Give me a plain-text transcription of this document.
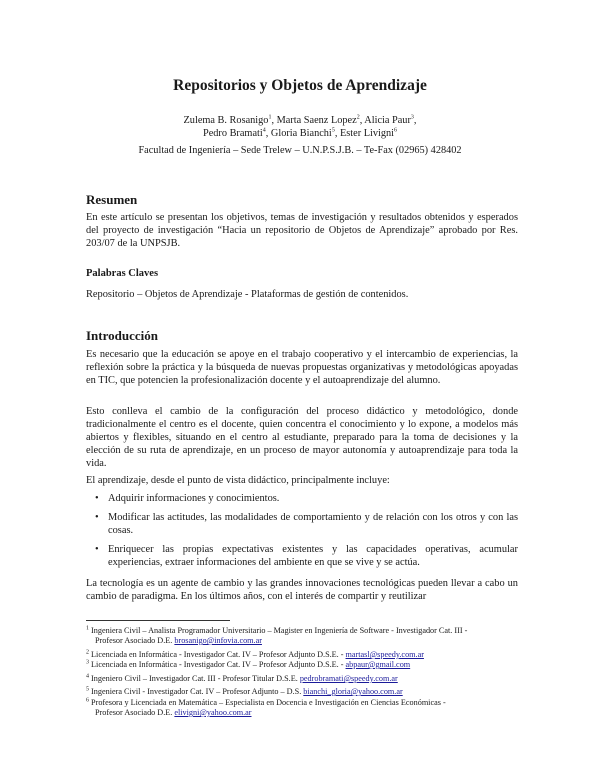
Repositorios y Objetos de Aprendizaje
Zulema B. Rosanigo$^1$, Marta Saenz Lopez$^2$, Alicia Paur$^3$,
Pedro Bramati$^4$, Gloria Bianchi$^5$, Ester Livigni$^6$
Facultad de Ingeniería – Sede Trelew – U.N.P.S.J.B. – Te-Fax (02965) 428402
Resumen
En este artículo se presentan los objetivos, temas de investigación y resultados obtenidos y esperados del proyecto de investigación “Hacia un repositorio de Objetos de Aprendizaje” aprobado por Res. 203/07 de la UNPSJB.
Palabras Claves
Repositorio – Objetos de Aprendizaje - Plataformas de gestión de contenidos.
Introducción
Es necesario que la educación se apoye en el trabajo cooperativo y el intercambio de experiencias, la reflexión sobre la práctica y la búsqueda de nuevas propuestas organizativas y metodológicas apoyadas en TIC, que potencien la profesionalización docente y el autoaprendizaje del alumno.
Esto conlleva el cambio de la configuración del proceso didáctico y metodológico, donde tradicionalmente el centro es el docente, quien concentra el conocimiento y lo expone, a modelos más abiertos y flexibles, situando en el centro al estudiante, preparado para la toma de decisiones y la elección de su ruta de aprendizaje, en un proceso de mayor autonomía y autoaprendizaje para toda la vida.
El aprendizaje, desde el punto de vista didáctico, principalmente incluye:
• Adquirir informaciones y conocimientos.
• Modificar las actitudes, las modalidades de comportamiento y de relación con los otros y con las cosas.
• Enriquecer las propias expectativas existentes y las capacidades operativas, acumular experiencias, extraer informaciones del ambiente en que se vive y se actúa.
La tecnología es un agente de cambio y las grandes innovaciones tecnológicas pueden llevar a cabo un cambio de paradigma. En los últimos años, con el interés de compartir y reutilizar
$^1$ Ingeniera Civil – Analista Programador Universitario – Magister en Ingeniería de Software - Investigador Cat. III -
Profesor Asociado D.E. brosanigo@infovia.com.ar
$^2$ Licenciada en Informática - Investigador Cat. IV – Profesor Adjunto D.S.E. - martasl@speedy.com.ar
$^3$ Licenciada en Informática - Investigador Cat. IV – Profesor Adjunto D.S.E. - abpaur@gmail.com
$^4$ Ingeniero Civil – Investigador Cat. III - Profesor Titular D.S.E. pedrobramati@speedy.com.ar
$^5$ Ingeniera Civil - Investigador Cat. IV – Profesor Adjunto – D.S. bianchi_gloria@yahoo.com.ar
$^6$ Profesora y Licenciada en Matemática – Especialista en Docencia e Investigación en Ciencias Económicas -
Profesor Asociado D.E. elivigni@yahoo.com.ar
